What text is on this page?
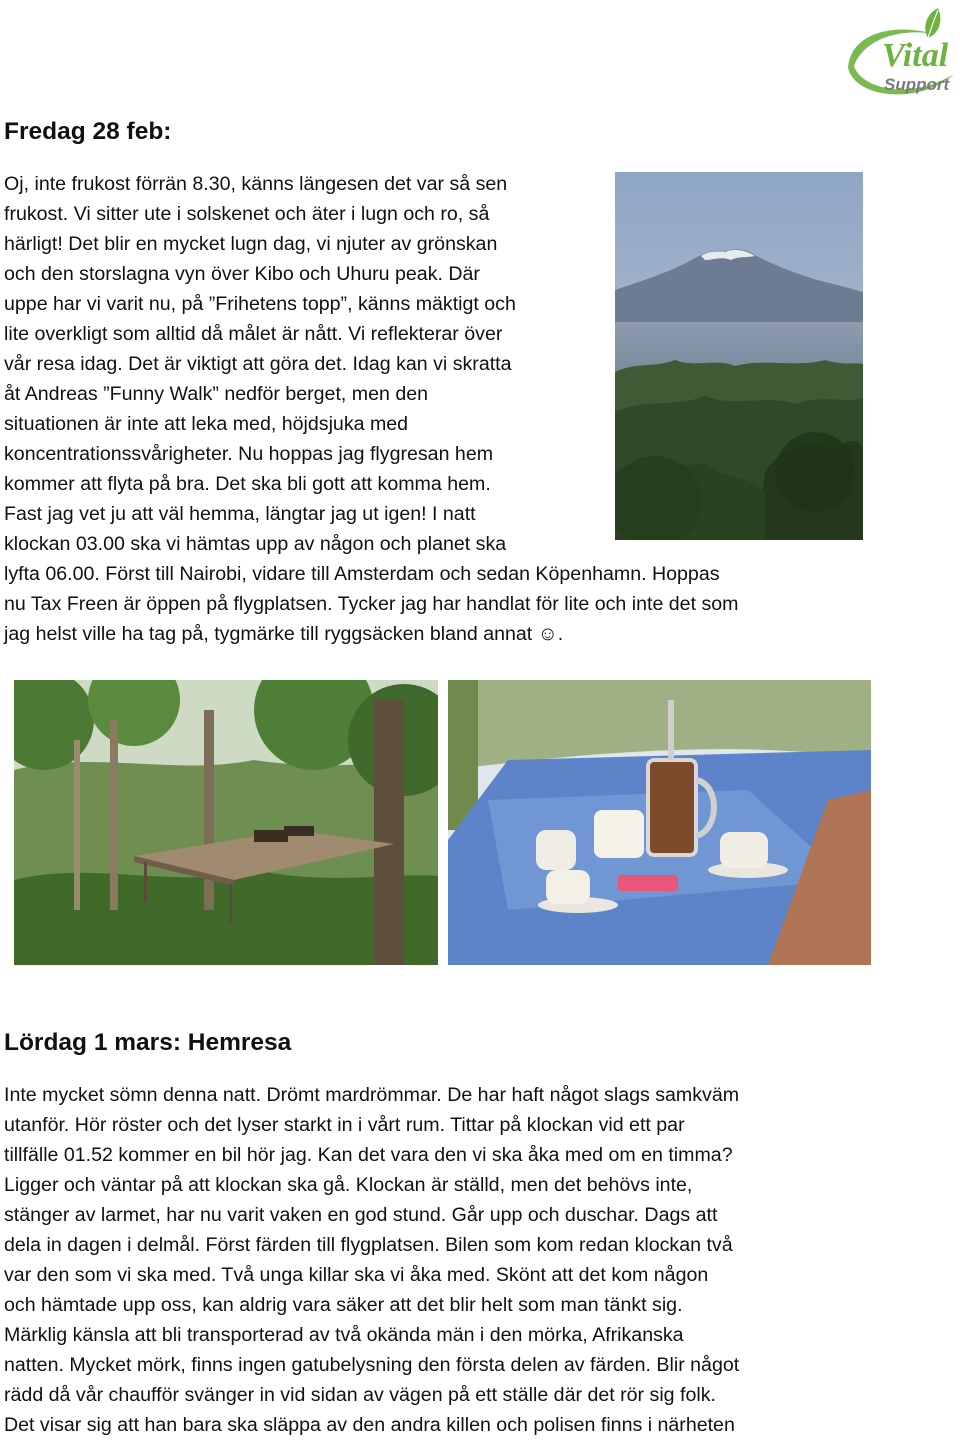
Vital
Support
Fredag 28 feb:

Oj, inte frukost förrän 8.30, känns längesen det var så sen
frukost. Vi sitter ute i solskenet och äter i lugn och ro, så
härligt! Det blir en mycket lugn dag, vi njuter av grönskan
och den storslagna vyn över Kibo och Uhuru peak. Där
uppe har vi varit nu, på ”Frihetens topp”, känns mäktigt och
lite overkligt som alltid då målet är nått. Vi reflekterar över
vår resa idag. Det är viktigt att göra det. Idag kan vi skratta
åt Andreas ”Funny Walk” nedför berget, men den
situationen är inte att leka med, höjdsjuka med
koncentrationssvårigheter. Nu hoppas jag flygresan hem
kommer att flyta på bra. Det ska bli gott att komma hem.
Fast jag vet ju att väl hemma, längtar jag ut igen! I natt
klockan 03.00 ska vi hämtas upp av någon och planet ska
lyfta 06.00. Först till Nairobi, vidare till Amsterdam och sedan Köpenhamn. Hoppas
nu Tax Freen är öppen på flygplatsen. Tycker jag har handlat för lite och inte det som
jag helst ville ha tag på, tygmärke till ryggsäcken bland annat ☺.

Lördag 1 mars: Hemresa

Inte mycket sömn denna natt. Drömt mardrömmar. De har haft något slags samkväm
utanför. Hör röster och det lyser starkt in i vårt rum. Tittar på klockan vid ett par
tillfälle 01.52 kommer en bil hör jag. Kan det vara den vi ska åka med om en timma?
Ligger och väntar på att klockan ska gå. Klockan är ställd, men det behövs inte,
stänger av larmet, har nu varit vaken en god stund. Går upp och duschar. Dags att
dela in dagen i delmål. Först färden till flygplatsen. Bilen som kom redan klockan två
var den som vi ska med. Två unga killar ska vi åka med. Skönt att det kom någon
och hämtade upp oss, kan aldrig vara säker att det blir helt som man tänkt sig.
Märklig känsla att bli transporterad av två okända män i den mörka, Afrikanska
natten. Mycket mörk, finns ingen gatubelysning den första delen av färden. Blir något
rädd då vår chaufför svänger in vid sidan av vägen på ett ställe där det rör sig folk.
Det visar sig att han bara ska släppa av den andra killen och polisen finns i närheten
